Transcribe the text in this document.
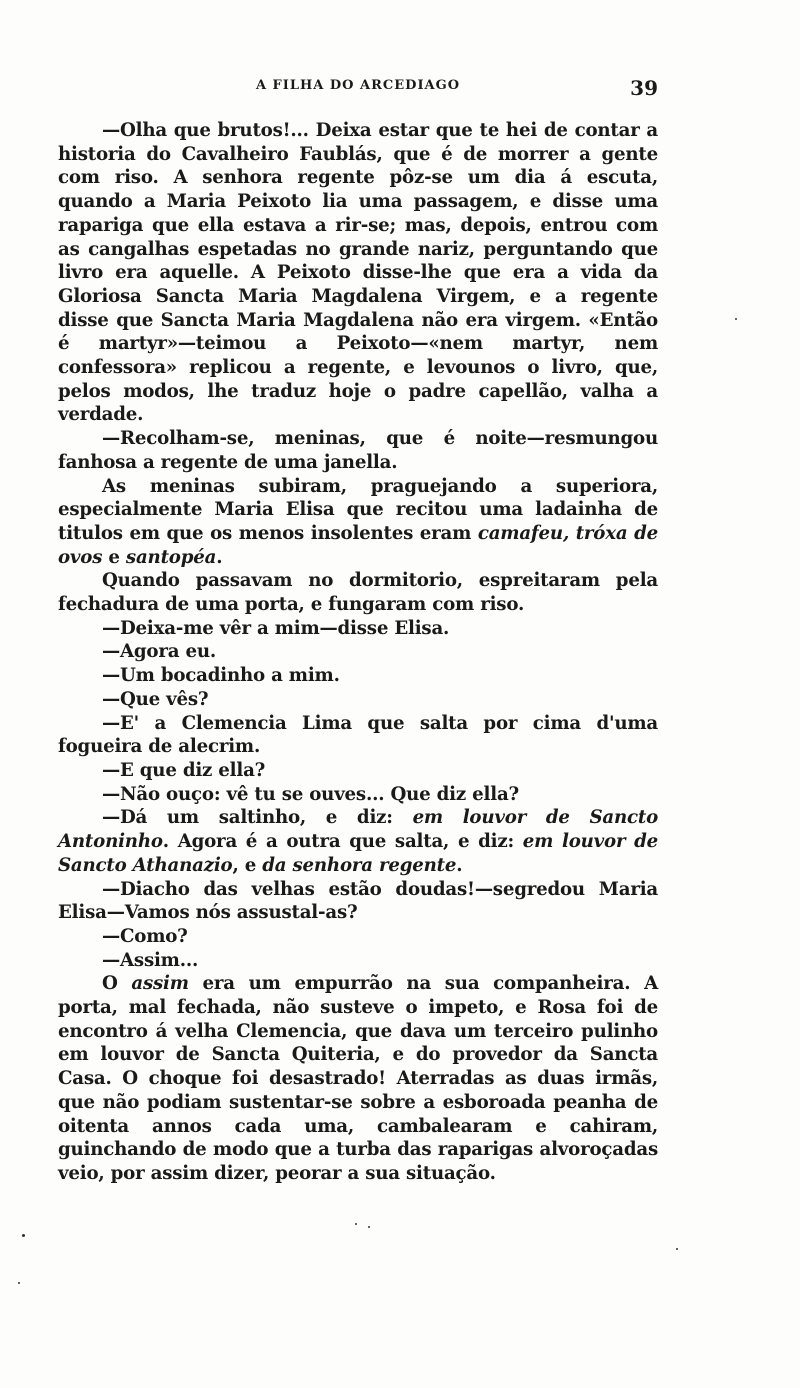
A FILHA DO ARCEDIAGO	39

—Olha que brutos!... Deixa estar que te hei de contar a historia do Cavalheiro Faublás, que é de morrer a gente com riso. A senhora regente pôz-se um dia á escuta, quando a Maria Peixoto lia uma passagem, e disse uma rapariga que ella estava a rir-se; mas, depois, entrou com as cangalhas espetadas no grande nariz, perguntando que livro era aquelle. A Peixoto disse-lhe que era a vida da Gloriosa Sancta Maria Magdalena Virgem, e a regente disse que Sancta Maria Magdalena não era virgem. «Então é martyr»—teimou a Peixoto—«nem martyr, nem confessora» replicou a regente, e levounos o livro, que, pelos modos, lhe traduz hoje o padre capellão, valha a verdade.

—Recolham-se, meninas, que é noite—resmungou fanhosa a regente de uma janella.

As meninas subiram, praguejando a superiora, especialmente Maria Elisa que recitou uma ladainha de titulos em que os menos insolentes eram camafeu, tróxa de ovos e santopéa.

Quando passavam no dormitorio, espreitaram pela fechadura de uma porta, e fungaram com riso.

—Deixa-me vêr a mim—disse Elisa.

—Agora eu.

—Um bocadinho a mim.

—Que vês?

—E' a Clemencia Lima que salta por cima d'uma fogueira de alecrim.

—E que diz ella?

—Não ouço: vê tu se ouves... Que diz ella?

—Dá um saltinho, e diz: em louvor de Sancto Antoninho. Agora é a outra que salta, e diz: em louvor de Sancto Athanazio, e da senhora regente.

—Diacho das velhas estão doudas!—segredou Maria Elisa—Vamos nós assustal-as?

—Como?

—Assim...

O assim era um empurrão na sua companheira. A porta, mal fechada, não susteve o impeto, e Rosa foi de encontro á velha Clemencia, que dava um terceiro pulinho em louvor de Sancta Quiteria, e do provedor da Sancta Casa. O choque foi desastrado! Aterradas as duas irmãs, que não podiam sustentar-se sobre a esboroada peanha de oitenta annos cada uma, cambalearam e cahiram, guinchando de modo que a turba das raparigas alvoroçadas veio, por assim dizer, peorar a sua situação.
